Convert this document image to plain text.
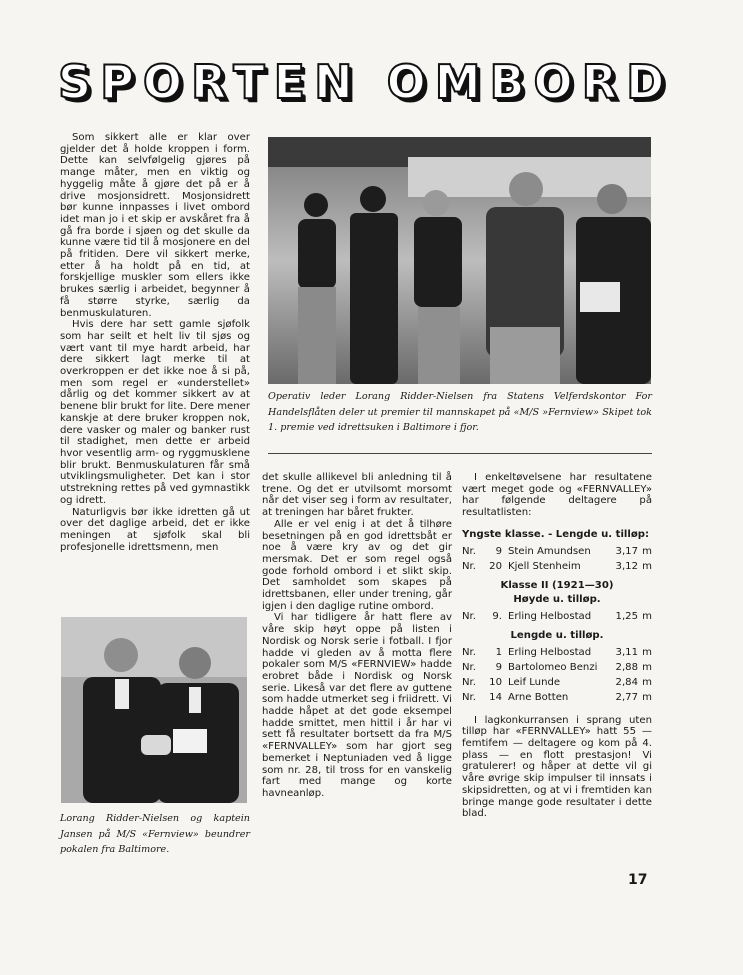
SPORTEN OMBORD

Som sikkert alle er klar over gjelder det å holde kroppen i form. Dette kan selvfølgelig gjøres på mange måter, men en viktig og hyggelig måte å gjøre det på er å drive mosjonsidrett. Mosjonsidrett bør kunne innpasses i livet ombord idet man jo i et skip er avskåret fra å gå fra borde i sjøen og det skulle da kunne være tid til å mosjonere en del på fritiden. Dere vil sikkert merke, etter å ha holdt på en tid, at forskjellige muskler som ellers ikke brukes særlig i arbeidet, begynner å få større styrke, særlig da benmuskulaturen.

Hvis dere har sett gamle sjøfolk som har seilt et helt liv til sjøs og vært vant til mye hardt arbeid, har dere sikkert lagt merke til at overkroppen er det ikke noe å si på, men som regel er «understellet» dårlig og det kommer sikkert av at benene blir brukt for lite. Dere mener kanskje at dere bruker kroppen nok, dere vasker og maler og banker rust til stadighet, men dette er arbeid hvor vesentlig arm- og ryggmusklene blir brukt. Benmuskulaturen får små utviklingsmuligheter. Det kan i stor utstrekning rettes på ved gymnastikk og idrett.

Naturligvis bør ikke idretten gå ut over det daglige arbeid, det er ikke meningen at sjøfolk skal bli profesjonelle idrettsmenn, men

Operativ leder Lorang Ridder-Nielsen fra Statens Velferdskontor For Handelsflåten deler ut premier til mannskapet på «M/S »Fernview» Skipet tok 1. premie ved idrettsuken i Baltimore i fjor.

det skulle allikevel bli anledning til å trene. Og det er utvilsomt morsomt når det viser seg i form av resultater, at treningen har båret frukter.

Alle er vel enig i at det å tilhøre besetningen på en god idrettsbåt er noe å være kry av og det gir mersmak. Det er som regel også gode forhold ombord i et slikt skip. Det samholdet som skapes på idrettsbanen, eller under trening, går igjen i den daglige rutine ombord.

Vi har tidligere år hatt flere av våre skip høyt oppe på listen i Nordisk og Norsk serie i fotball. I fjor hadde vi gleden av å motta flere pokaler som M/S «FERNVIEW» hadde erobret både i Nordisk og Norsk serie. Likeså var det flere av guttene som hadde utmerket seg i friidrett. Vi hadde håpet at det gode eksempel hadde smittet, men hittil i år har vi sett få resultater bortsett da fra M/S «FERNVALLEY» som har gjort seg bemerket i Neptuniaden ved å ligge som nr. 28, til tross for en vanskelig fart med mange og korte havneanløp.

I enkeltøvelsene har resultatene vært meget gode og «FERNVALLEY» har følgende deltagere på resultatlisten:

Yngste klasse. - Lengde u. tilløp:
Nr.	9	Stein Amundsen	3,17	m
Nr.	20	Kjell Stenheim	3,12	m
Klasse II (1921—30)
Høyde u. tilløp.
Nr.	9.	Erling Helbostad	1,25	m
Lengde u. tilløp.
Nr.	1	Erling Helbostad	3,11	m
Nr.	9	Bartolomeo Benzi	2,88	m
Nr.	10	Leif Lunde	2,84	m
Nr.	14	Arne Botten	2,77	m

I lagkonkurransen i sprang uten tilløp har «FERNVALLEY» hatt 55 — femtifem — deltagere og kom på 4. plass — en flott prestasjon! Vi gratulerer! og håper at dette vil gi våre øvrige skip impulser til innsats i skipsidretten, og at vi i fremtiden kan bringe mange gode resultater i dette blad.

Lorang Ridder-Nielsen og kaptein Jansen på M/S «Fernview» beundrer pokalen fra Baltimore.
17
